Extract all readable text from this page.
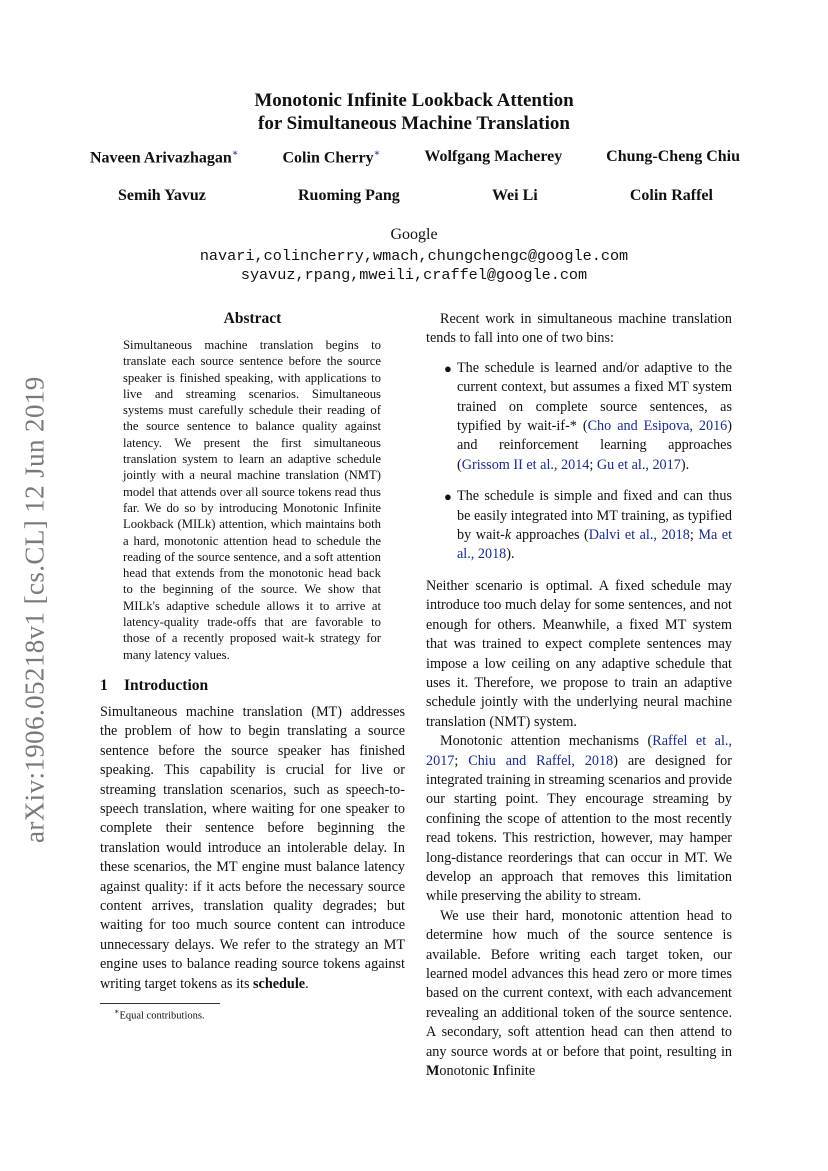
arXiv:1906.05218v1 [cs.CL] 12 Jun 2019
Monotonic Infinite Lookback Attention
for Simultaneous Machine Translation
Naveen Arivazhagan∗	Colin Cherry∗	Wolfgang Macherey	Chung-Cheng Chiu
Semih Yavuz	Ruoming Pang	Wei Li	Colin Raffel
Google
navari,colincherry,wmach,chungchengc@google.com
syavuz,rpang,mweili,craffel@google.com
Abstract

Simultaneous machine translation begins to translate each source sentence before the source speaker is finished speaking, with applications to live and streaming scenarios. Simultaneous systems must carefully schedule their reading of the source sentence to balance quality against latency. We present the first simultaneous translation system to learn an adaptive schedule jointly with a neural machine translation (NMT) model that attends over all source tokens read thus far. We do so by introducing Monotonic Infinite Lookback (MILk) attention, which maintains both a hard, monotonic attention head to schedule the reading of the source sentence, and a soft attention head that extends from the monotonic head back to the beginning of the source. We show that MILk's adaptive schedule allows it to arrive at latency-quality trade-offs that are favorable to those of a recently proposed wait-k strategy for many latency values.

1 Introduction

Simultaneous machine translation (MT) addresses the problem of how to begin translating a source sentence before the source speaker has finished speaking. This capability is crucial for live or streaming translation scenarios, such as speech-to-speech translation, where waiting for one speaker to complete their sentence before beginning the translation would introduce an intolerable delay. In these scenarios, the MT engine must balance latency against quality: if it acts before the necessary source content arrives, translation quality degrades; but waiting for too much source content can introduce unnecessary delays. We refer to the strategy an MT engine uses to balance reading source tokens against writing target tokens as its schedule.

∗Equal contributions.

Recent work in simultaneous machine translation tends to fall into one of two bins:

● The schedule is learned and/or adaptive to the current context, but assumes a fixed MT system trained on complete source sentences, as typified by wait-if-* (Cho and Esipova, 2016) and reinforcement learning approaches (Grissom II et al., 2014; Gu et al., 2017).
● The schedule is simple and fixed and can thus be easily integrated into MT training, as typified by wait-k approaches (Dalvi et al., 2018; Ma et al., 2018).

Neither scenario is optimal. A fixed schedule may introduce too much delay for some sentences, and not enough for others. Meanwhile, a fixed MT system that was trained to expect complete sentences may impose a low ceiling on any adaptive schedule that uses it. Therefore, we propose to train an adaptive schedule jointly with the underlying neural machine translation (NMT) system.

Monotonic attention mechanisms (Raffel et al., 2017; Chiu and Raffel, 2018) are designed for integrated training in streaming scenarios and provide our starting point. They encourage streaming by confining the scope of attention to the most recently read tokens. This restriction, however, may hamper long-distance reorderings that can occur in MT. We develop an approach that removes this limitation while preserving the ability to stream.

We use their hard, monotonic attention head to determine how much of the source sentence is available. Before writing each target token, our learned model advances this head zero or more times based on the current context, with each advancement revealing an additional token of the source sentence. A secondary, soft attention head can then attend to any source words at or before that point, resulting in Monotonic Infinite
